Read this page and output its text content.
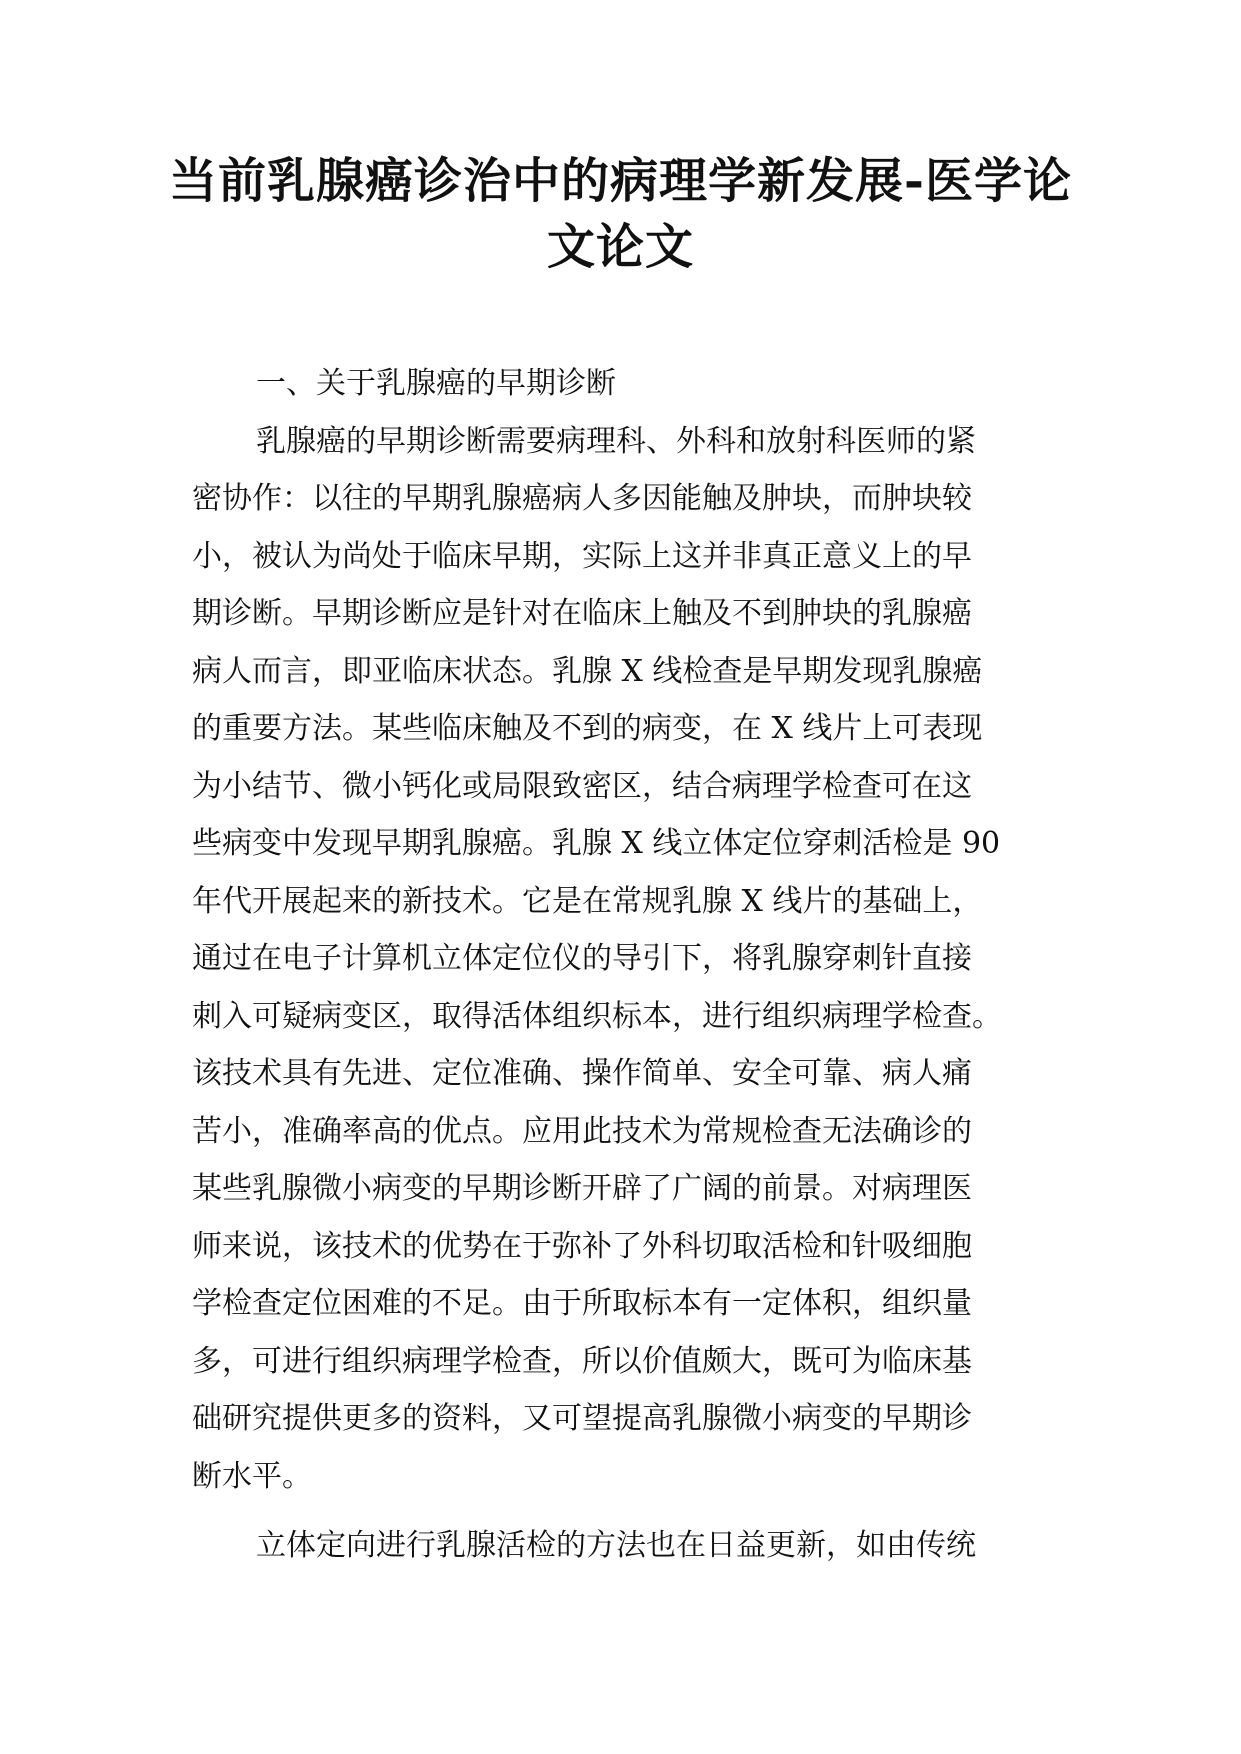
当前乳腺癌诊治中的病理学新发展-医学论
文论文
一、关于乳腺癌的早期诊断
乳腺癌的早期诊断需要病理科、外科和放射科医师的紧
密协作：以往的早期乳腺癌病人多因能触及肿块，而肿块较
小，被认为尚处于临床早期，实际上这并非真正意义上的早
期诊断。早期诊断应是针对在临床上触及不到肿块的乳腺癌
病人而言，即亚临床状态。乳腺 X 线检查是早期发现乳腺癌
的重要方法。某些临床触及不到的病变，在 X 线片上可表现
为小结节、微小钙化或局限致密区，结合病理学检查可在这
些病变中发现早期乳腺癌。乳腺 X 线立体定位穿刺活检是 90
年代开展起来的新技术。它是在常规乳腺 X 线片的基础上，
通过在电子计算机立体定位仪的导引下，将乳腺穿刺针直接
刺入可疑病变区，取得活体组织标本，进行组织病理学检查。
该技术具有先进、定位准确、操作简单、安全可靠、病人痛
苦小，准确率高的优点。应用此技术为常规检查无法确诊的
某些乳腺微小病变的早期诊断开辟了广阔的前景。对病理医
师来说，该技术的优势在于弥补了外科切取活检和针吸细胞
学检查定位困难的不足。由于所取标本有一定体积，组织量
多，可进行组织病理学检查，所以价值颇大，既可为临床基
础研究提供更多的资料，又可望提高乳腺微小病变的早期诊
断水平。
立体定向进行乳腺活检的方法也在日益更新，如由传统
